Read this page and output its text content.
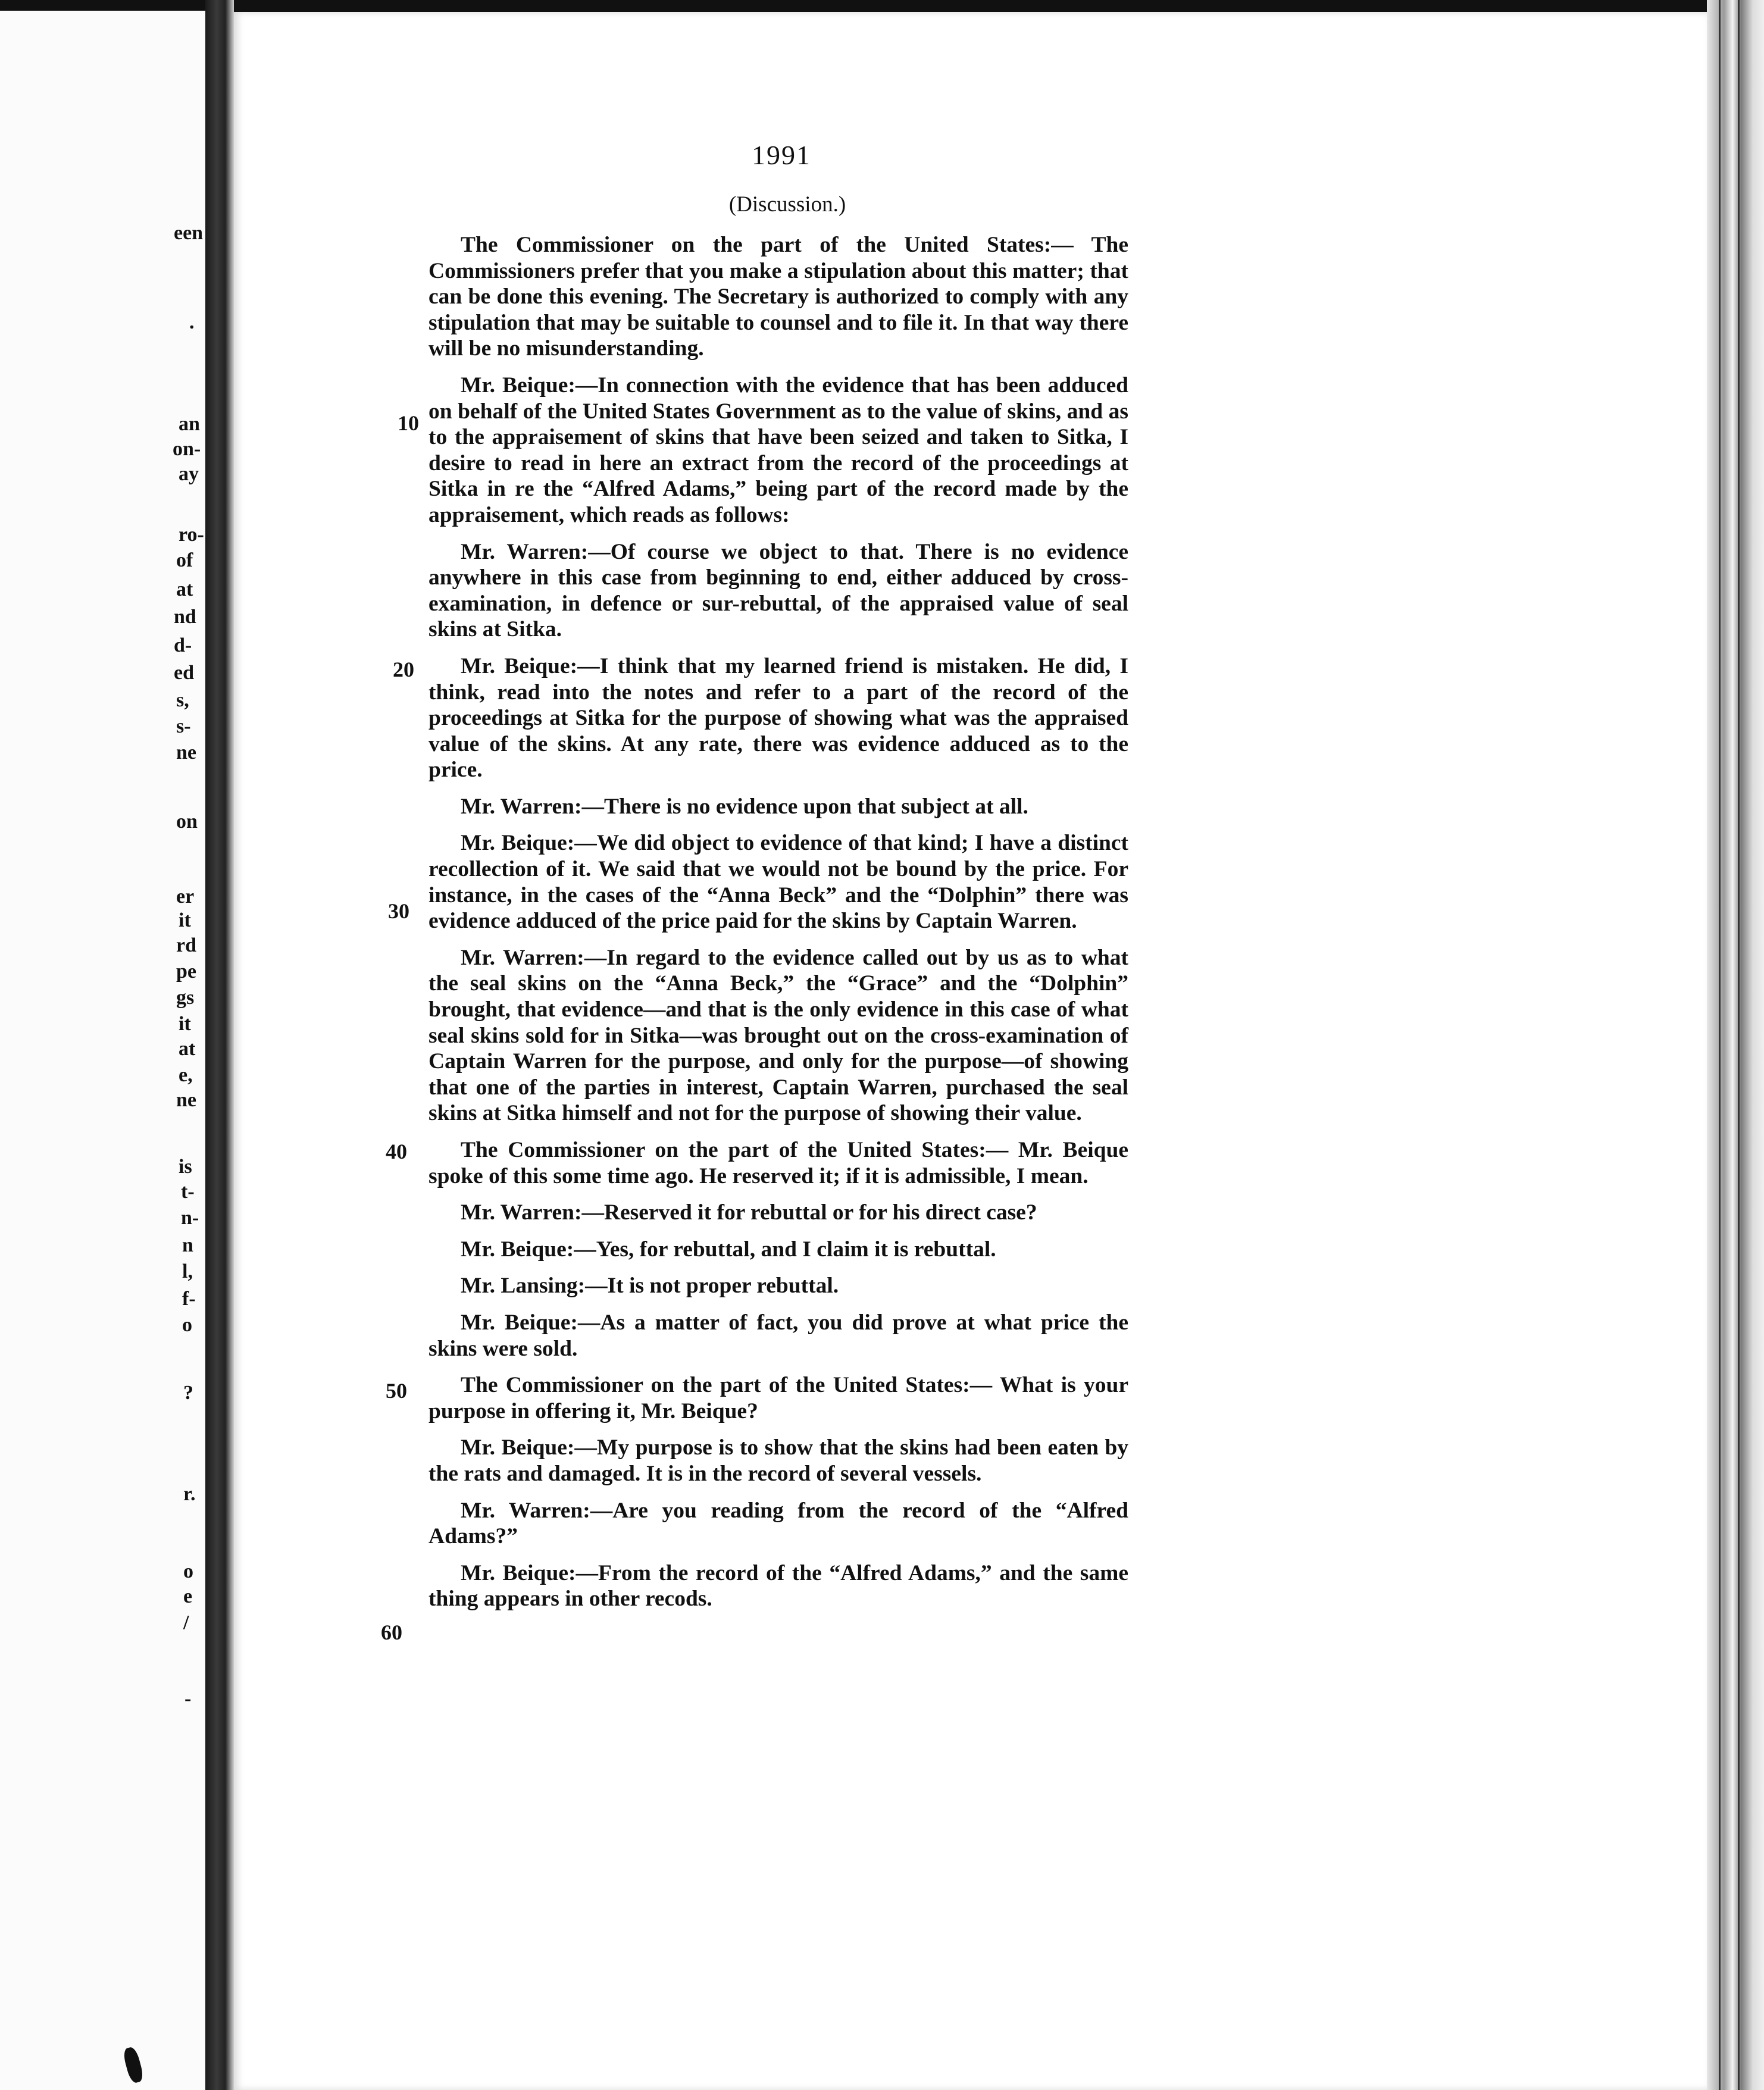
een
.
an
on-
ay
ro-
of
at
nd
d-
ed
s,
s-
ne
on
er
it
rd
pe
gs
it
at
e,
ne
is
t-
n-
n
l,
f-
o
?
r.
o
e
/
-
1991
(Discussion.)
10
20
30
40
50
60

The Commissioner on the part of the United States:— The Commissioners prefer that you make a stipulation about this matter; that can be done this evening. The Secretary is authorized to comply with any stipulation that may be suitable to counsel and to file it. In that way there will be no misunderstanding.

Mr. Beique:—In connection with the evidence that has been adduced on behalf of the United States Government as to the value of skins, and as to the appraisement of skins that have been seized and taken to Sitka, I desire to read in here an extract from the record of the proceedings at Sitka in re the “Alfred Adams,” being part of the record made by the appraisement, which reads as follows:

Mr. Warren:—Of course we object to that. There is no evidence anywhere in this case from beginning to end, either adduced by cross-examination, in defence or sur-rebuttal, of the appraised value of seal skins at Sitka.

Mr. Beique:—I think that my learned friend is mistaken. He did, I think, read into the notes and refer to a part of the record of the proceedings at Sitka for the purpose of showing what was the appraised value of the skins. At any rate, there was evidence adduced as to the price.

Mr. Warren:—There is no evidence upon that subject at all.

Mr. Beique:—We did object to evidence of that kind; I have a distinct recollection of it. We said that we would not be bound by the price. For instance, in the cases of the “Anna Beck” and the “Dolphin” there was evidence adduced of the price paid for the skins by Captain Warren.

Mr. Warren:—In regard to the evidence called out by us as to what the seal skins on the “Anna Beck,” the “Grace” and the “Dolphin” brought, that evidence—and that is the only evidence in this case of what seal skins sold for in Sitka—was brought out on the cross-examination of Captain Warren for the purpose, and only for the purpose—of showing that one of the parties in interest, Captain Warren, purchased the seal skins at Sitka himself and not for the purpose of showing their value.

The Commissioner on the part of the United States:— Mr. Beique spoke of this some time ago. He reserved it; if it is admissible, I mean.

Mr. Warren:—Reserved it for rebuttal or for his direct case?

Mr. Beique:—Yes, for rebuttal, and I claim it is rebuttal.

Mr. Lansing:—It is not proper rebuttal.

Mr. Beique:—As a matter of fact, you did prove at what price the skins were sold.

The Commissioner on the part of the United States:— What is your purpose in offering it, Mr. Beique?

Mr. Beique:—My purpose is to show that the skins had been eaten by the rats and damaged. It is in the record of several vessels.

Mr. Warren:—Are you reading from the record of the “Alfred Adams?”

Mr. Beique:—From the record of the “Alfred Adams,” and the same thing appears in other recods.
